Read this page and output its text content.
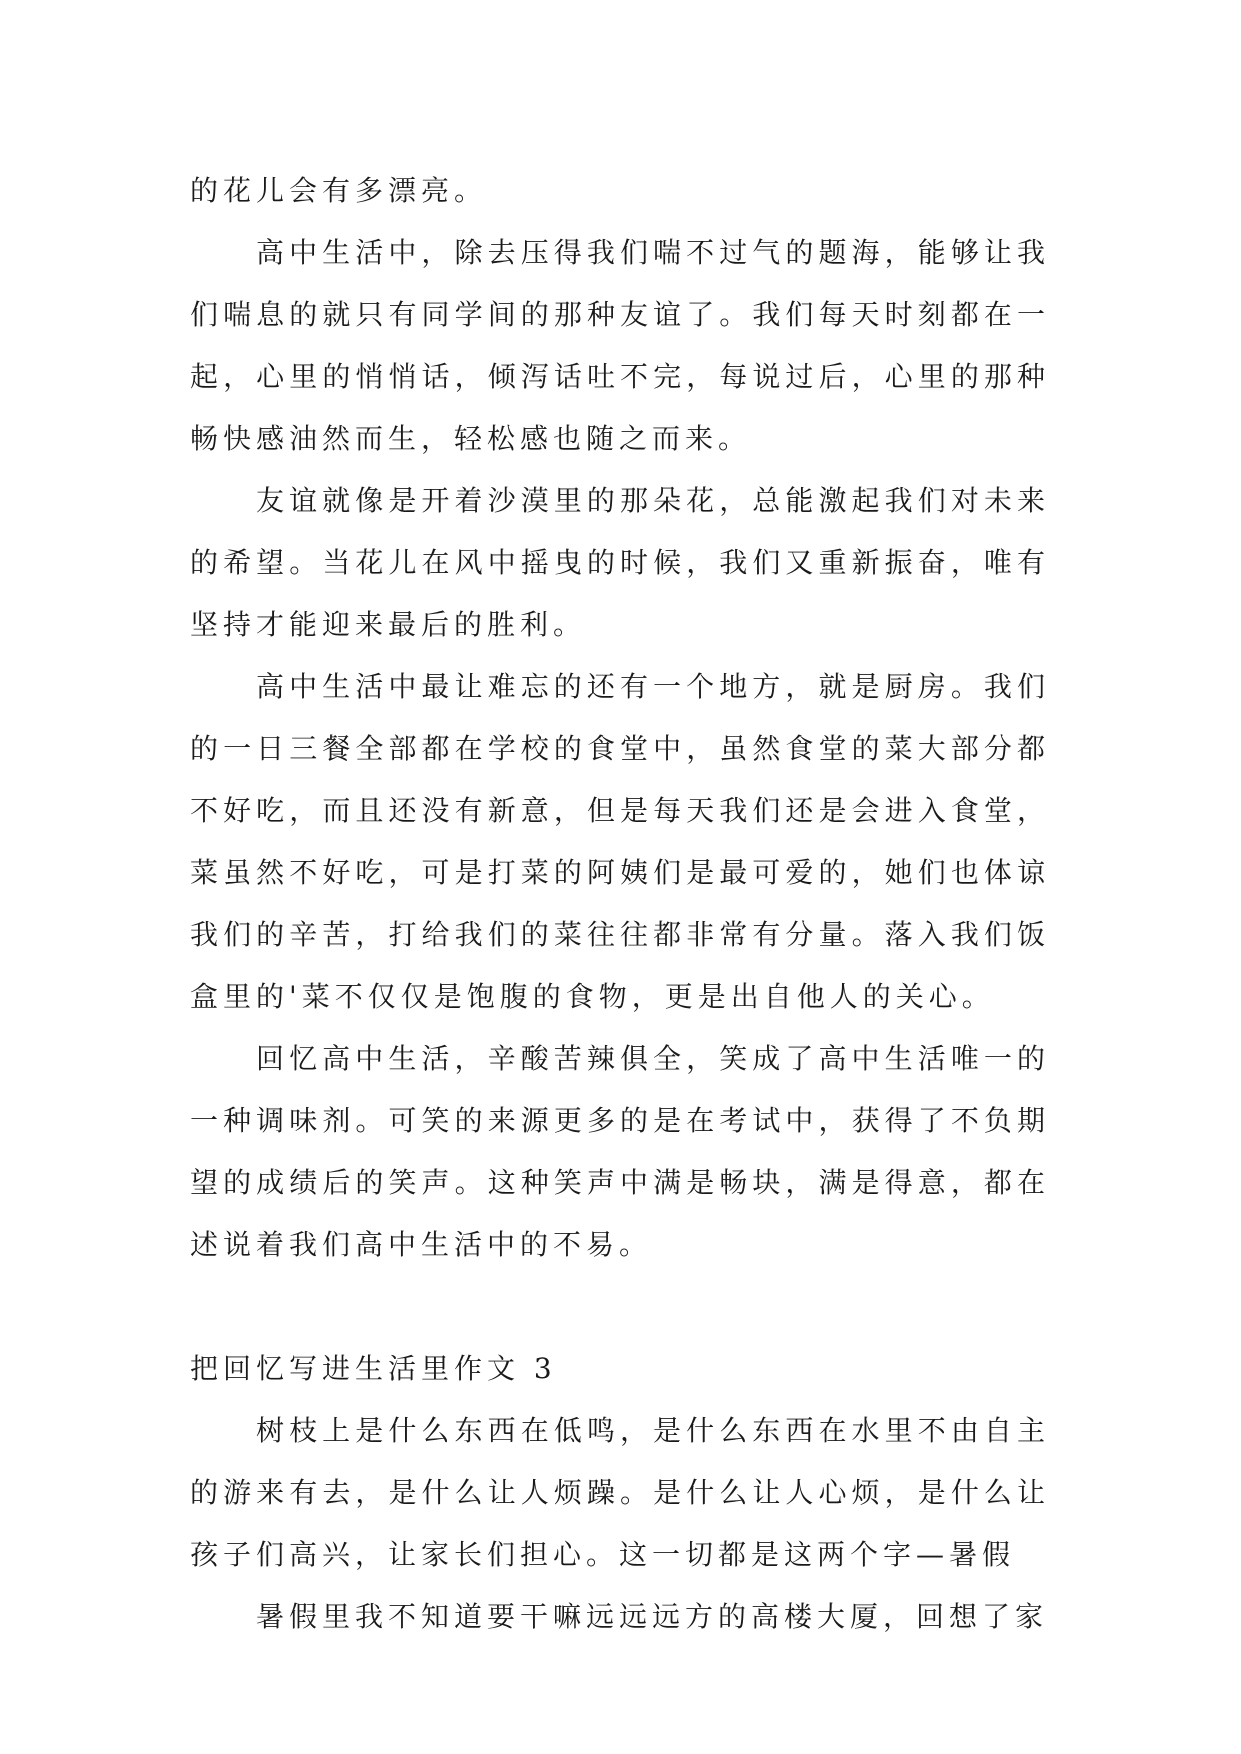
的花儿会有多漂亮。

高中生活中，除去压得我们喘不过气的题海，能够让我们喘息的就只有同学间的那种友谊了。我们每天时刻都在一起，心里的悄悄话，倾泻话吐不完，每说过后，心里的那种畅快感油然而生，轻松感也随之而来。

友谊就像是开着沙漠里的那朵花，总能激起我们对未来的希望。当花儿在风中摇曳的时候，我们又重新振奋，唯有坚持才能迎来最后的胜利。

高中生活中最让难忘的还有一个地方，就是厨房。我们的一日三餐全部都在学校的食堂中，虽然食堂的菜大部分都不好吃，而且还没有新意，但是每天我们还是会进入食堂，菜虽然不好吃，可是打菜的阿姨们是最可爱的，她们也体谅我们的辛苦，打给我们的菜往往都非常有分量。落入我们饭盒里的'菜不仅仅是饱腹的食物，更是出自他人的关心。

回忆高中生活，辛酸苦辣俱全，笑成了高中生活唯一的一种调味剂。可笑的来源更多的是在考试中，获得了不负期望的成绩后的笑声。这种笑声中满是畅块，满是得意，都在述说着我们高中生活中的不易。

把回忆写进生活里作文 3

树枝上是什么东西在低鸣，是什么东西在水里不由自主的游来有去，是什么让人烦躁。是什么让人心烦，是什么让孩子们高兴，让家长们担心。这一切都是这两个字—暑假

暑假里我不知道要干嘛远远远方的高楼大厦，回想了家
